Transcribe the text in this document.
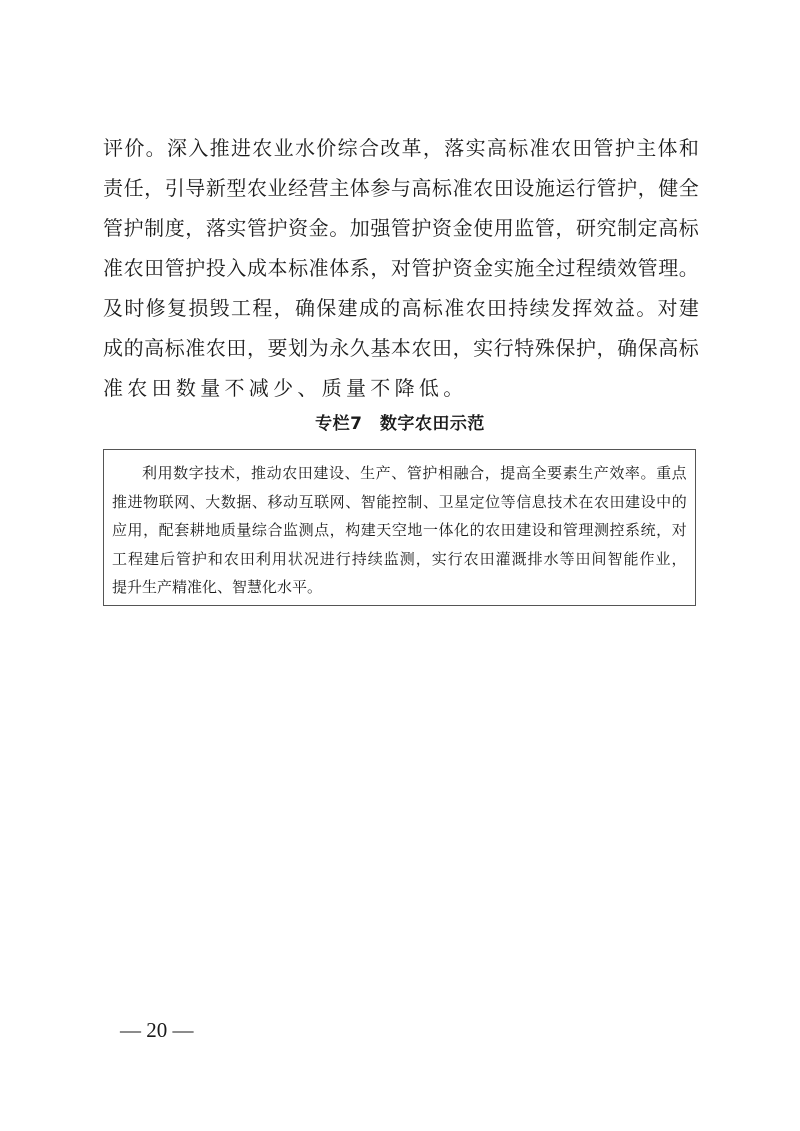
评 价 。 深 入 推 进 农 业 水 价 综 合 改 革 ， 落 实 高 标 准 农 田 管 护 主 体 和
责 任 ， 引 导 新 型 农 业 经 营 主 体 参 与 高 标 准 农 田 设 施 运 行 管 护 ， 健 全
管 护 制 度 ， 落 实 管 护 资 金 。 加 强 管 护 资 金 使 用 监 管 ， 研 究 制 定 高 标
准 农 田 管 护 投 入 成 本 标 准 体 系 ， 对 管 护 资 金 实 施 全 过 程 绩 效 管 理 。
及 时 修 复 损 毁 工 程 ， 确 保 建 成 的 高 标 准 农 田 持 续 发 挥 效 益 。 对 建
成 的 高 标 准 农 田 ， 要 划 为 永 久 基 本 农 田 ， 实 行 特 殊 保 护 ， 确 保 高 标
准农田数量不减少、质量不降低。
专栏7　数字农田示范
利 用 数 字 技 术 ， 推 动 农 田 建 设 、 生 产 、 管 护 相 融 合 ， 提 高 全 要 素 生 产 效 率 。 重 点
推 进 物 联 网 、 大 数 据 、 移 动 互 联 网 、 智 能 控 制 、 卫 星 定 位 等 信 息 技 术 在 农 田 建 设 中 的
应 用 ， 配 套 耕 地 质 量 综 合 监 测 点 ， 构 建 天 空 地 一 体 化 的 农 田 建 设 和 管 理 测 控 系 统 ， 对
工 程 建 后 管 护 和 农 田 利 用 状 况 进 行 持 续 监 测 ， 实 行 农 田 灌 溉 排 水 等 田 间 智 能 作 业 ，
提升生产精准化、智慧化水平。
— 20 —
